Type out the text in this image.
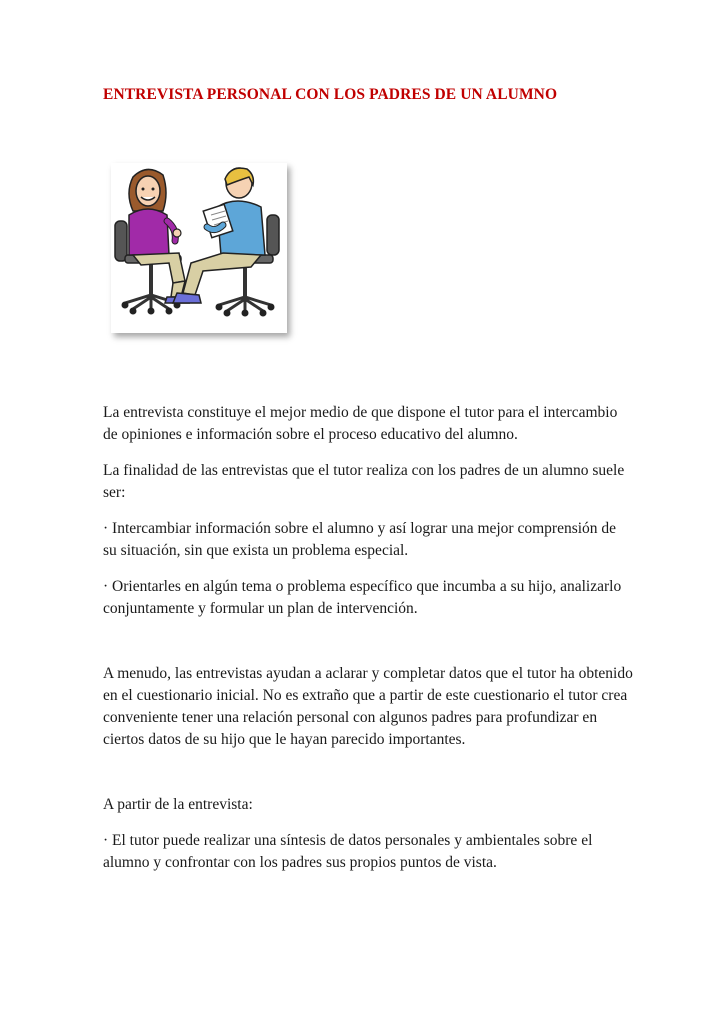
ENTREVISTA PERSONAL CON LOS PADRES DE UN ALUMNO

La entrevista constituye el mejor medio de que dispone el tutor para el intercambio de opiniones e información sobre el proceso educativo del alumno.

La finalidad de las entrevistas que el tutor realiza con los padres de un alumno suele ser:

· Intercambiar información sobre el alumno y así lograr una mejor comprensión de su situación, sin que exista un problema especial.

· Orientarles en algún tema o problema específico que incumba a su hijo, analizarlo conjuntamente y formular un plan de intervención.

A menudo, las entrevistas ayudan a aclarar y completar datos que el tutor ha obtenido en el cuestionario inicial. No es extraño que a partir de este cuestionario el tutor crea conveniente tener una relación personal con algunos padres para profundizar en ciertos datos de su hijo que le hayan parecido importantes.

A partir de la entrevista:

· El tutor puede realizar una síntesis de datos personales y ambientales sobre el alumno y confrontar con los padres sus propios puntos de vista.
